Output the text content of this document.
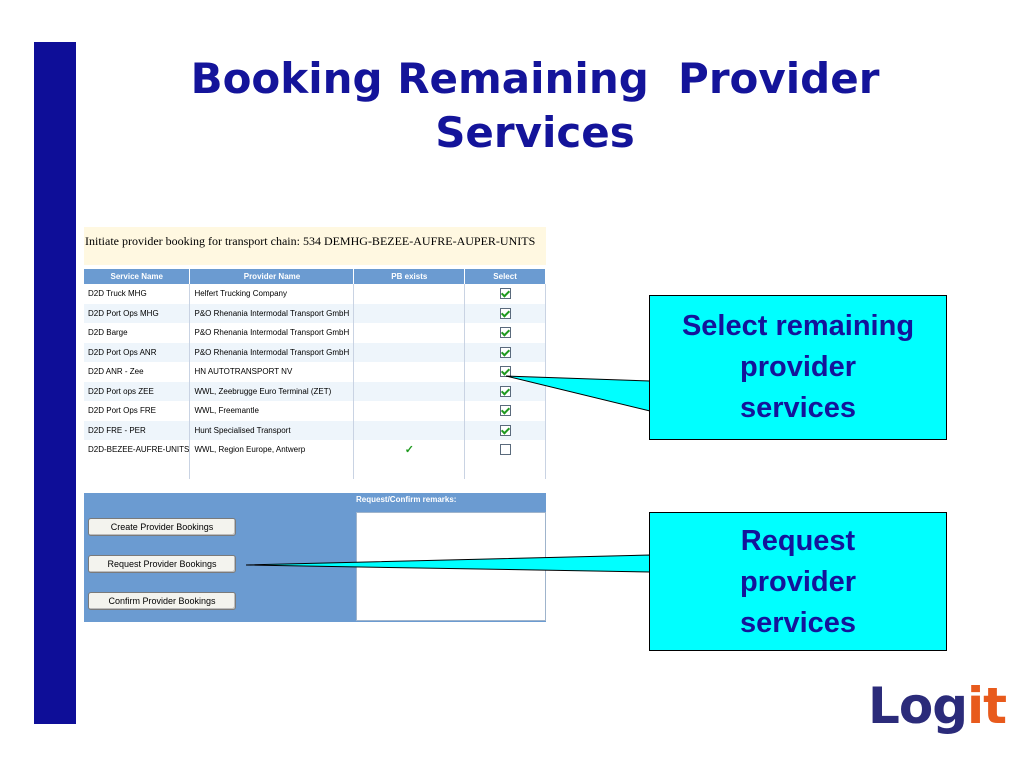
Booking Remaining  Provider
Services
Initiate provider booking for transport chain: 534 DEMHG-BEZEE-AUFRE-AUPER-UNITS
Service Name	Provider Name	PB exists	Select
D2D Truck MHG	Helfert Trucking Company		
D2D Port Ops MHG	P&O Rhenania Intermodal Transport GmbH		
D2D Barge	P&O Rhenania Intermodal Transport GmbH		
D2D Port Ops ANR	P&O Rhenania Intermodal Transport GmbH		
D2D ANR - Zee	HN AUTOTRANSPORT NV		
D2D Port ops ZEE	WWL, Zeebrugge Euro Terminal (ZET)		
D2D Port Ops FRE	WWL, Freemantle		
D2D FRE - PER	Hunt Specialised Transport		
D2D-BEZEE-AUFRE-UNITS	WWL, Region Europe, Antwerp	✓	

Create Provider Bookings
Request Provider Bookings
Confirm Provider Bookings
Request/Confirm remarks:
Select remaining
provider
services
Request
provider
services
Logit
